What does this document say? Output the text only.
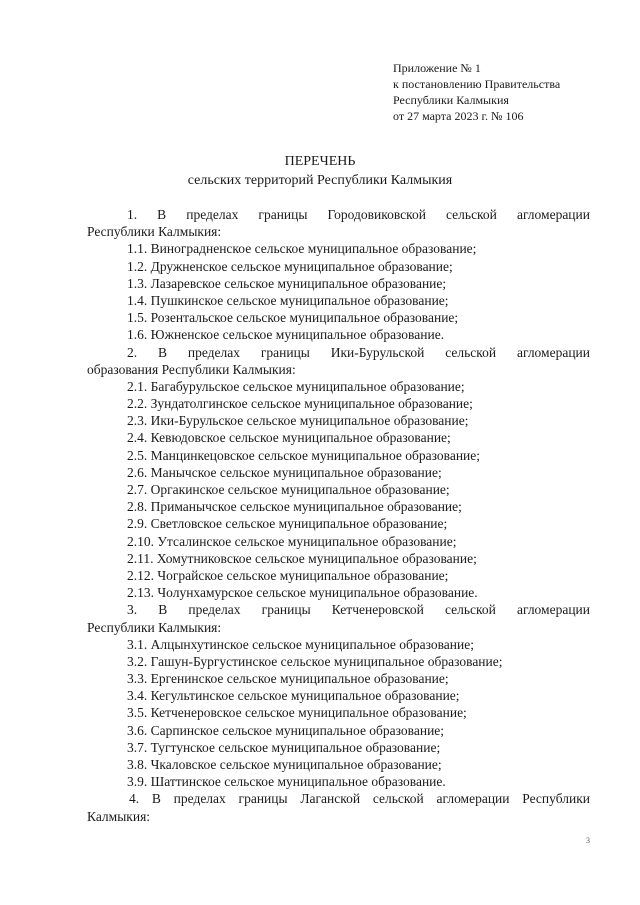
Приложение № 1
к постановлению Правительства
Республики Калмыкия
от 27 марта 2023 г. № 106
ПЕРЕЧЕНЬ
сельских территорий Республики Калмыкия
1. В пределах границы Городовиковской сельской агломерации
Республики Калмыкия:
1.1. Виноградненское сельское муниципальное образование;
1.2. Дружненское сельское муниципальное образование;
1.3. Лазаревское сельское муниципальное образование;
1.4. Пушкинское сельское муниципальное образование;
1.5. Розентальское сельское муниципальное образование;
1.6. Южненское сельское муниципальное образование.
2. В пределах границы Ики-Бурульской сельской агломерации
образования Республики Калмыкия:
2.1. Багабурульское сельское муниципальное образование;
2.2. Зундатолгинское сельское муниципальное образование;
2.3. Ики-Бурульское сельское муниципальное образование;
2.4. Кевюдовское сельское муниципальное образование;
2.5. Манцинкецовское сельское муниципальное образование;
2.6. Манычское сельское муниципальное образование;
2.7. Оргакинское сельское муниципальное образование;
2.8. Приманычское сельское муниципальное образование;
2.9. Светловское сельское муниципальное образование;
2.10. Утсалинское сельское муниципальное образование;
2.11. Хомутниковское сельское муниципальное образование;
2.12. Чограйское сельское муниципальное образование;
2.13. Чолунхамурское сельское муниципальное образование.
3. В пределах границы Кетченеровской сельской агломерации
Республики Калмыкия:
3.1. Алцынхутинское сельское муниципальное образование;
3.2. Гашун-Бургустинское сельское муниципальное образование;
3.3. Ергенинское сельское муниципальное образование;
3.4. Кегультинское сельское муниципальное образование;
3.5. Кетченеровское сельское муниципальное образование;
3.6. Сарпинское сельское муниципальное образование;
3.7. Тугтунское сельское муниципальное образование;
3.8. Чкаловское сельское муниципальное образование;
3.9. Шаттинское сельское муниципальное образование.
4. В пределах границы Лаганской сельской агломерации Республики
Калмыкия:
3
